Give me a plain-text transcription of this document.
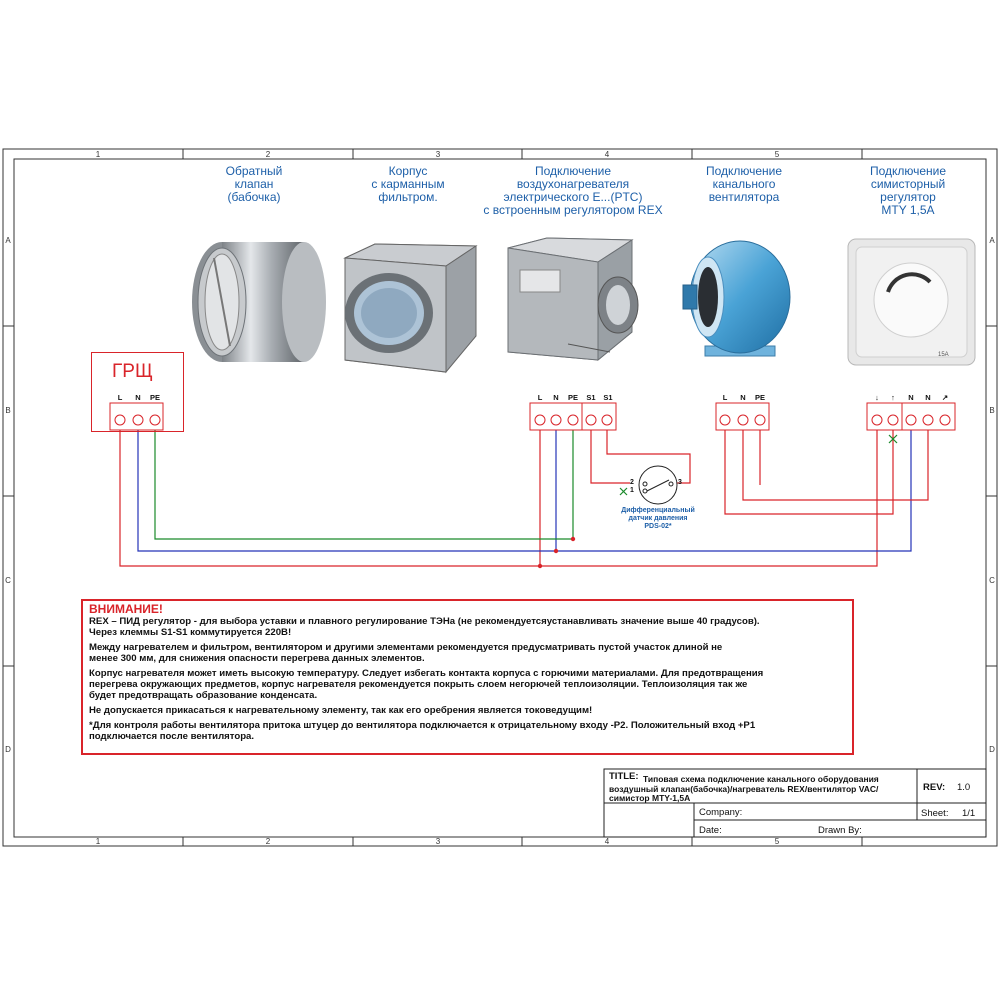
1	2	3	4	5
1	2	3	4	5
A
B
C
D
A
B
C
D
15A
L N PE	L N PE S1 S1	L N PE	↓ ↑ N N ↗
2
1
3
ГРЩ
Дифференциальный
датчик давления
PDS-02*
Обратный
клапан
(бабочка)
Корпус
с карманным
фильтром.
Подключение
воздухонагревателя
электрического E...(PTC)
с встроенным регулятором REX
Подключение
канального
вентилятора
Подключение
симисторный
регулятор
MTY 1,5A
ВНИМАНИЕ!

REX – ПИД регулятор - для выбора уставки и плавного регулирование ТЭНа (не рекомендуетсяустанавливать значение выше 40 градусов).
Через клеммы S1-S1 коммутируется 220В!

Между нагревателем и фильтром, вентилятором и другими элементами рекомендуется предусматривать пустой участок длиной не
менее 300 мм, для снижения опасности перегрева данных элементов.

Корпус нагревателя может иметь высокую температуру. Следует избегать контакта корпуса с горючими материалами. Для предотвращения
перегрева окружающих предметов, корпус нагревателя рекомендуется покрыть слоем негорючей теплоизоляции. Теплоизоляция так же
будет предотвращать образование конденсата.

Не допускается прикасаться к нагревательному элементу, так как его оребрения является токоведущим!

*Для контроля работы вентилятора притока штуцер до вентилятора подключается к отрицательному входу -P2. Положительный вход +P1
подключается после вентилятора.

TITLE: Типовая схема подключение канального оборудования
воздушный клапан(бабочка)/нагреватель REX/вентилятор VAC/
симистор MTY-1,5A
REV: 1.0
Company:	Sheet: 1/1
Date:	Drawn By:
